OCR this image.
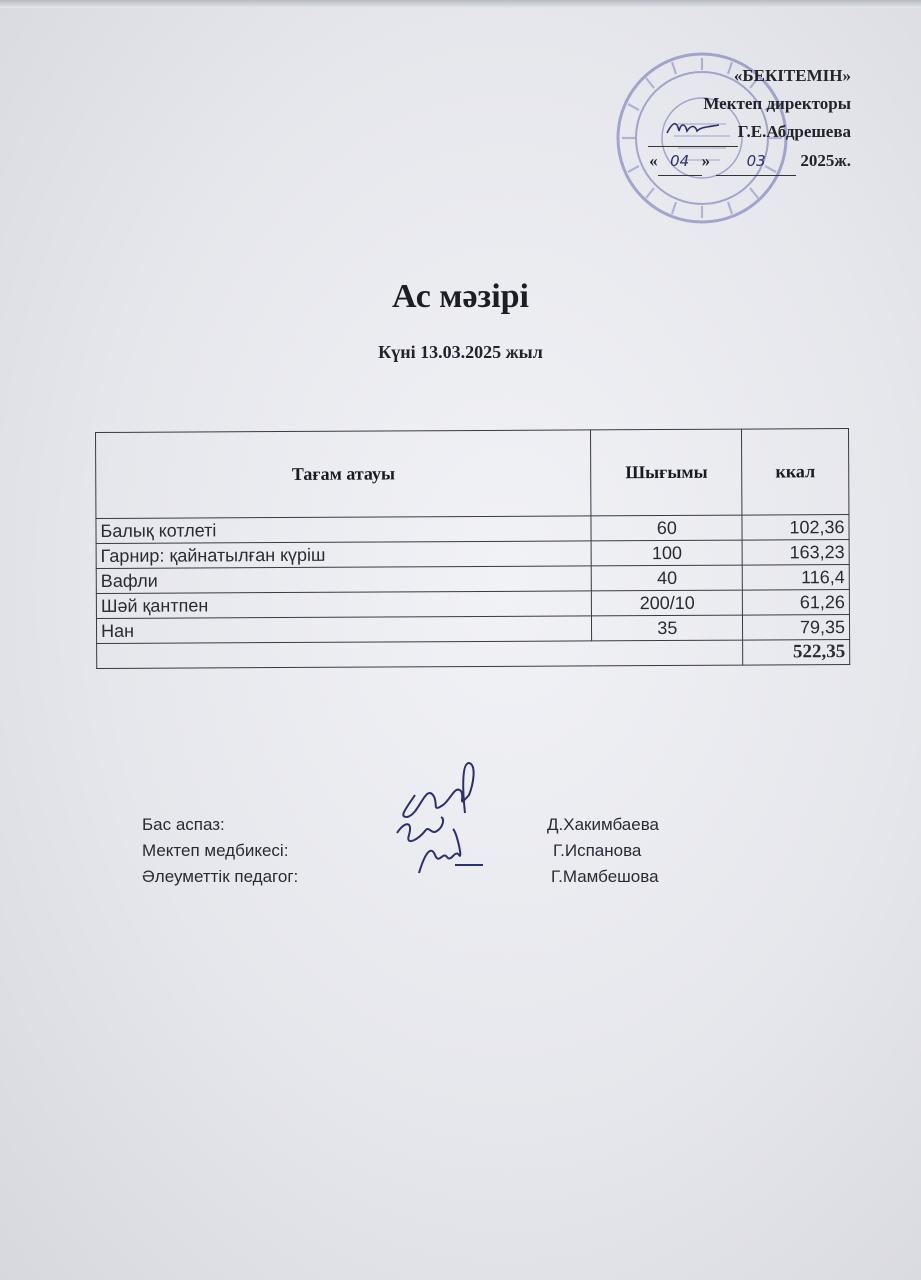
«БЕКІТЕМІН»
Мектеп директоры
Г.Е.Абдрешева
« 04 » 03 2025ж.
Ас мәзірі
Күні 13.03.2025 жыл
Тағам атауы	Шығымы	ккал
Балық котлеті	60	102,36
Гарнир: қайнатылған күріш	100	163,23
Вафли	40	116,4
Шәй қантпен	200/10	61,26
Нан	35	79,35
		522,35
Бас аспаз:	Д.Хакимбаева
Мектеп медбикесі:	Г.Испанова
Әлеуметтік педагог:	Г.Мамбешова
